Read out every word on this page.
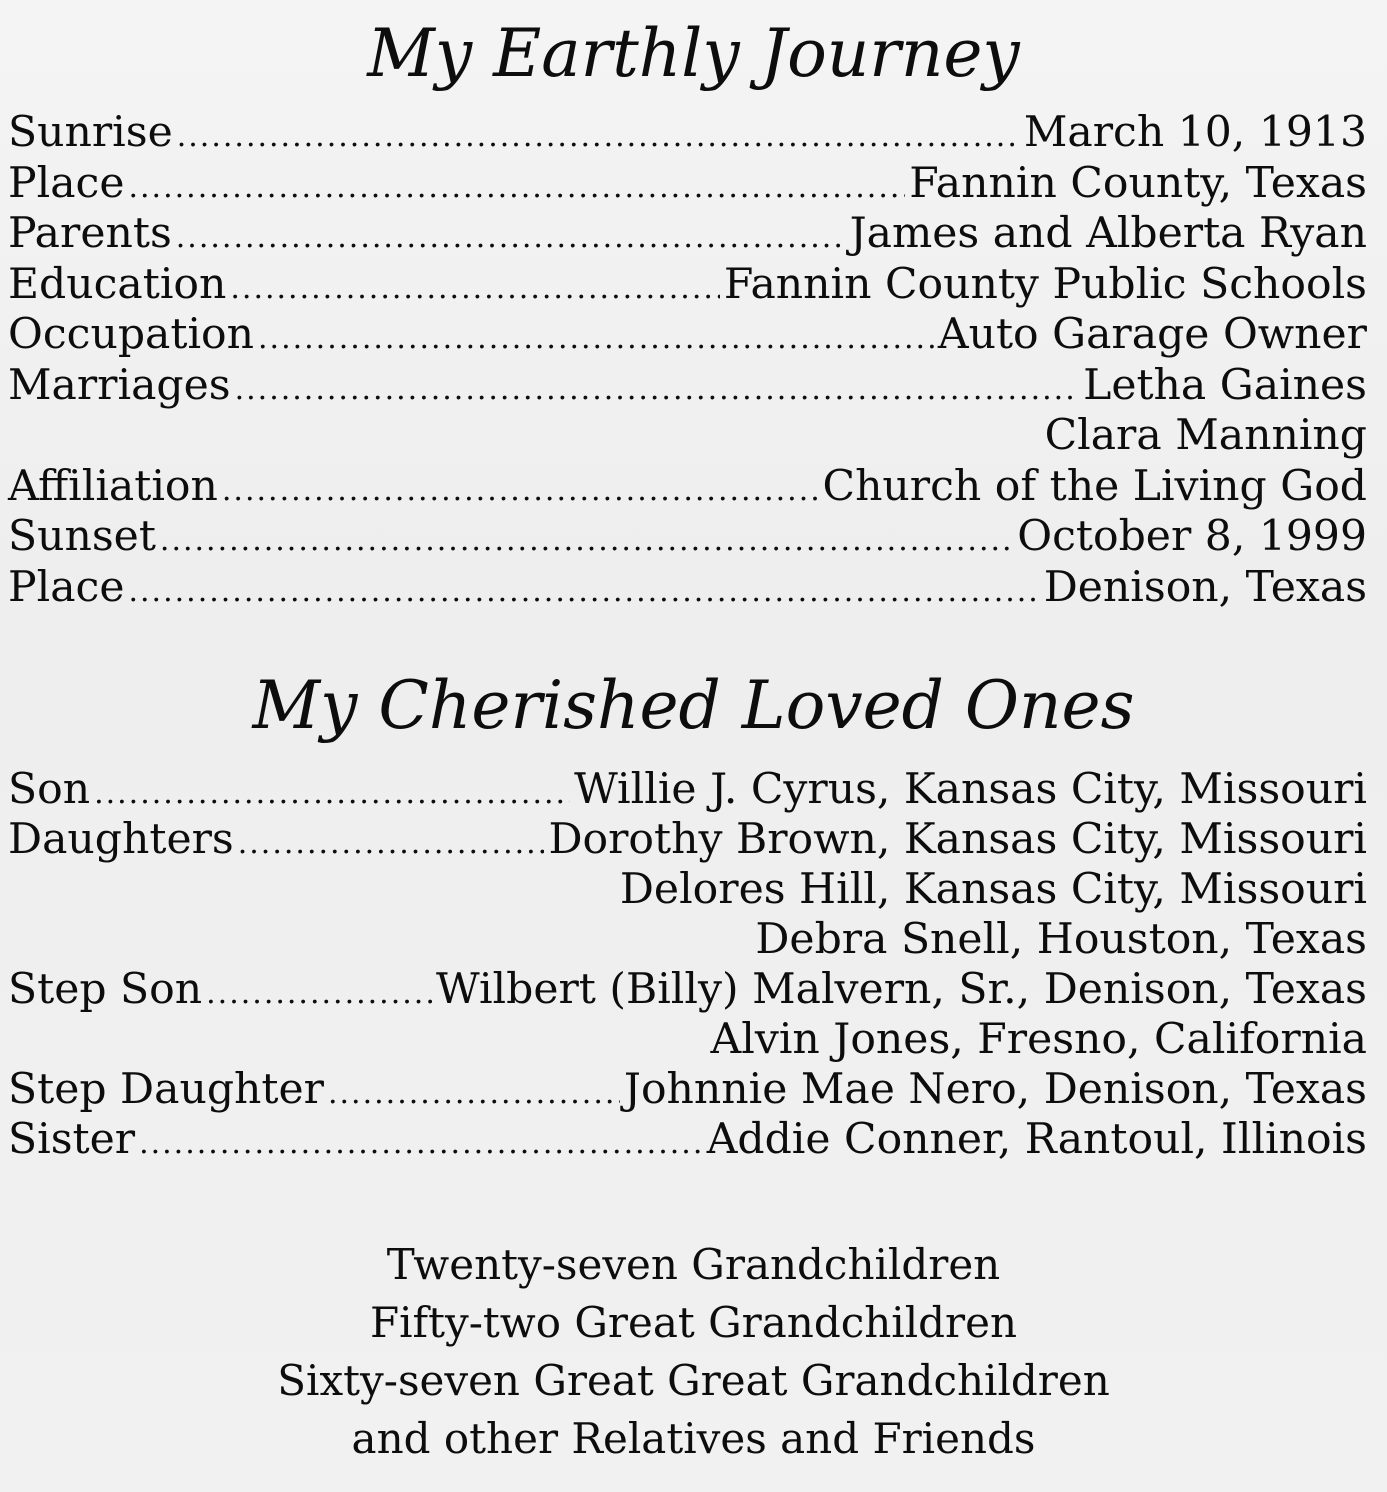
My Earthly Journey
Sunrise .....	March 10, 1913
Place .....	Fannin County, Texas
Parents .....	James and Alberta Ryan
Education .....	Fannin County Public Schools
Occupation .....	Auto Garage Owner
Marriages .....	Letha Gaines
Clara Manning
Affiliation .....	Church of the Living God
Sunset .....	October 8, 1999
Place .....	Denison, Texas
My Cherished Loved Ones
Son .....	Willie J. Cyrus, Kansas City, Missouri
Daughters .....	Dorothy Brown, Kansas City, Missouri
Delores Hill, Kansas City, Missouri
Debra Snell, Houston, Texas
Step Son .....	Wilbert (Billy) Malvern, Sr., Denison, Texas
Alvin Jones, Fresno, California
Step Daughter .....	Johnnie Mae Nero, Denison, Texas
Sister .....	Addie Conner, Rantoul, Illinois
Twenty-seven Grandchildren
Fifty-two Great Grandchildren
Sixty-seven Great Great Grandchildren
and other Relatives and Friends
